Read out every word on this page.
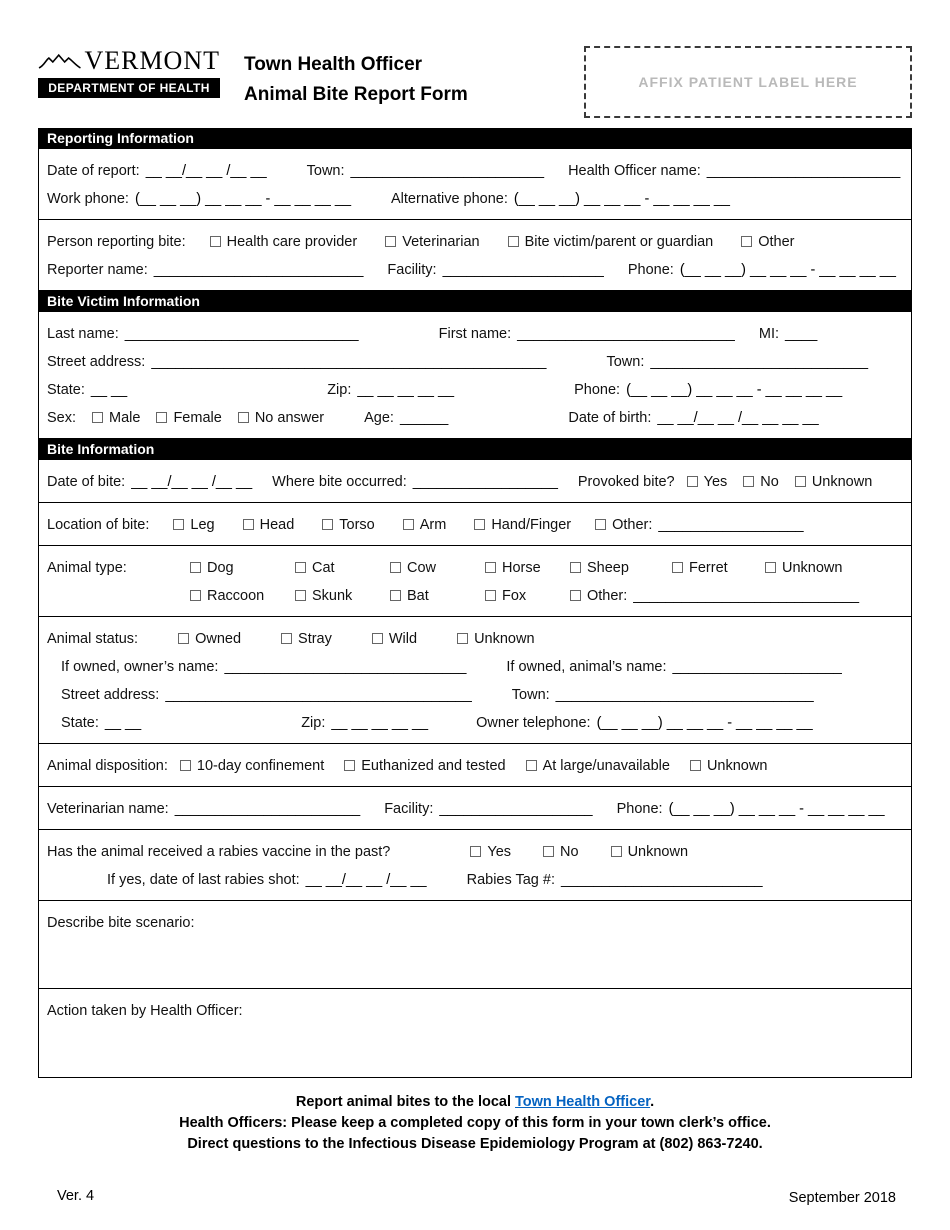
VERMONT
DEPARTMENT OF HEALTH
Town Health Officer
Animal Bite Report Form
AFFIX PATIENT LABEL HERE
Reporting Information
Date of report: __ __/__ __ /__ __	Town: ________________________ Health Officer name: ________________________
Work phone: (__ __ __) __ __ __ - __ __ __ __	Alternative phone: (__ __ __) __ __ __ - __ __ __ __
Person reporting bite:	Health care provider	Veterinarian	Bite victim/parent or guardian	Other
Reporter name: __________________________ Facility: ____________________ Phone: (__ __ __) __ __ __ - __ __ __ __
Bite Victim Information
Last name: _____________________________	First name: ___________________________ MI: ____
Street address: _________________________________________________	Town: ___________________________
State: __ __	Zip: __ __ __ __ __	Phone: (__ __ __) __ __ __ - __ __ __ __
Sex: Male Female No answer	Age: ______	Date of birth: __ __/__ __ /__ __ __ __
Bite Information
Date of bite: __ __/__ __ /__ __ Where bite occurred: __________________ Provoked bite? Yes No Unknown
Location of bite:	Leg	Head	Torso	Arm	Hand/Finger	Other: __________________
Animal type:	Dog	Cat	Cow	Horse	Sheep	Ferret	Unknown
Raccoon	Skunk	Bat	Fox	Other: ____________________________
Animal status:	Owned	Stray	Wild	Unknown
If owned, owner’s name: ______________________________	If owned, animal’s name: _____________________
Street address: ______________________________________	Town: ________________________________
State: __ __	Zip: __ __ __ __ __	Owner telephone: (__ __ __) __ __ __ - __ __ __ __
Animal disposition: 10-day confinement	Euthanized and tested	At large/unavailable	Unknown
Veterinarian name: _______________________ Facility: ___________________ Phone: (__ __ __) __ __ __ - __ __ __ __
Has the animal received a rabies vaccine in the past?	Yes	No	Unknown
If yes, date of last rabies shot: __ __/__ __ /__ __	Rabies Tag #: _________________________
Describe bite scenario:
Action taken by Health Officer:
Report animal bites to the local Town Health Officer.
Health Officers: Please keep a completed copy of this form in your town clerk’s office.
Direct questions to the Infectious Disease Epidemiology Program at (802) 863-7240.
Ver. 4	September 2018
